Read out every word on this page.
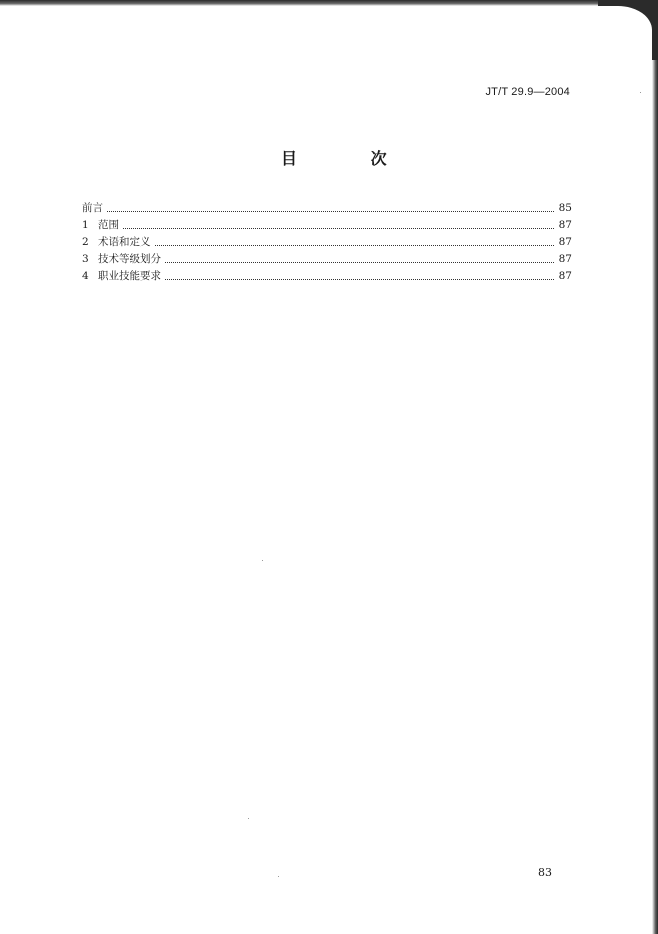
JT/T 29.9—2004
目 次
前言	85
1 范围	87
2 术语和定义	87
3 技术等级划分	87
4 职业技能要求	87
83
